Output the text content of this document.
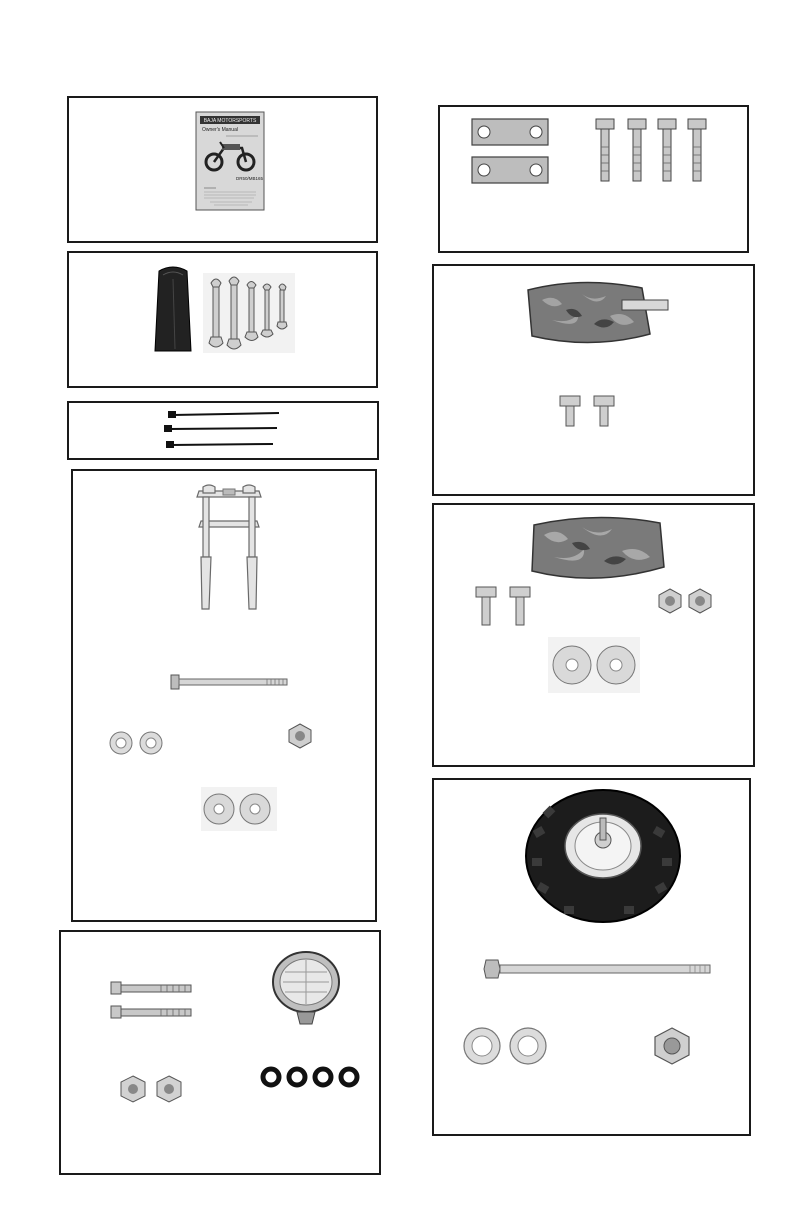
BAJA MOTORSPORTS
Owner's Manual
DR50/MB165
